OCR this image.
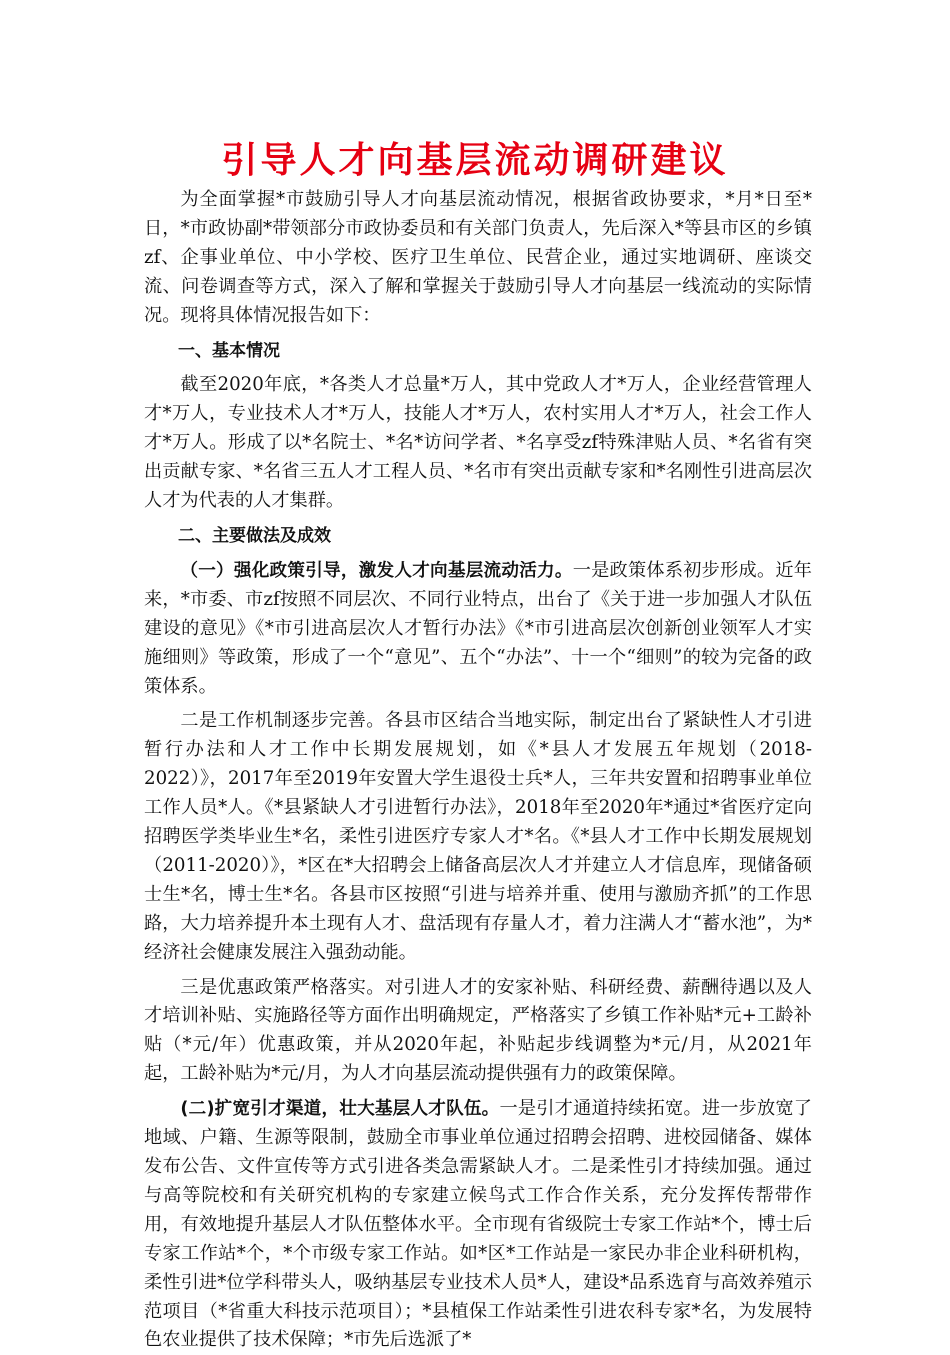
引导人才向基层流动调研建议

为全面掌握*市鼓励引导人才向基层流动情况，根据省政协要求，*月*日至*日，*市政协副*带领部分市政协委员和有关部门负责人，先后深入*等县市区的乡镇zf、企事业单位、中小学校、医疗卫生单位、民营企业，通过实地调研、座谈交流、问卷调查等方式，深入了解和掌握关于鼓励引导人才向基层一线流动的实际情况。现将具体情况报告如下：

一、基本情况

截至2020年底，*各类人才总量*万人，其中党政人才*万人，企业经营管理人才*万人，专业技术人才*万人，技能人才*万人，农村实用人才*万人，社会工作人才*万人。形成了以*名院士、*名*访问学者、*名享受zf特殊津贴人员、*名省有突出贡献专家、*名省三五人才工程人员、*名市有突出贡献专家和*名刚性引进高层次人才为代表的人才集群。

二、主要做法及成效

（一）强化政策引导，激发人才向基层流动活力。一是政策体系初步形成。近年来，*市委、市zf按照不同层次、不同行业特点，出台了《关于进一步加强人才队伍建设的意见》《*市引进高层次人才暂行办法》《*市引进高层次创新创业领军人才实施细则》等政策，形成了一个“意见”、五个“办法”、十一个“细则”的较为完备的政策体系。

二是工作机制逐步完善。各县市区结合当地实际，制定出台了紧缺性人才引进暂行办法和人才工作中长期发展规划，如《*县人才发展五年规划（2018-2022）》，2017年至2019年安置大学生退役士兵*人，三年共安置和招聘事业单位工作人员*人。《*县紧缺人才引进暂行办法》，2018年至2020年*通过*省医疗定向招聘医学类毕业生*名，柔性引进医疗专家人才*名。《*县人才工作中长期发展规划（2011-2020）》，*区在*大招聘会上储备高层次人才并建立人才信息库，现储备硕士生*名，博士生*名。各县市区按照“引进与培养并重、使用与激励齐抓”的工作思路，大力培养提升本土现有人才、盘活现有存量人才，着力注满人才“蓄水池”，为*经济社会健康发展注入强劲动能。

三是优惠政策严格落实。对引进人才的安家补贴、科研经费、薪酬待遇以及人才培训补贴、实施路径等方面作出明确规定，严格落实了乡镇工作补贴*元+工龄补贴（*元/年）优惠政策，并从2020年起，补贴起步线调整为*元/月，从2021年起，工龄补贴为*元/月，为人才向基层流动提供强有力的政策保障。

(二)扩宽引才渠道，壮大基层人才队伍。一是引才通道持续拓宽。进一步放宽了地域、户籍、生源等限制，鼓励全市事业单位通过招聘会招聘、进校园储备、媒体发布公告、文件宣传等方式引进各类急需紧缺人才。二是柔性引才持续加强。通过与高等院校和有关研究机构的专家建立候鸟式工作合作关系，充分发挥传帮带作用，有效地提升基层人才队伍整体水平。全市现有省级院士专家工作站*个，博士后专家工作站*个，*个市级专家工作站。如*区*工作站是一家民办非企业科研机构，柔性引进*位学科带头人，吸纳基层专业技术人员*人，建设*品系选育与高效养殖示范项目（*省重大科技示范项目）；*县植保工作站柔性引进农科专家*名，为发展特色农业提供了技术保障；*市先后选派了*
